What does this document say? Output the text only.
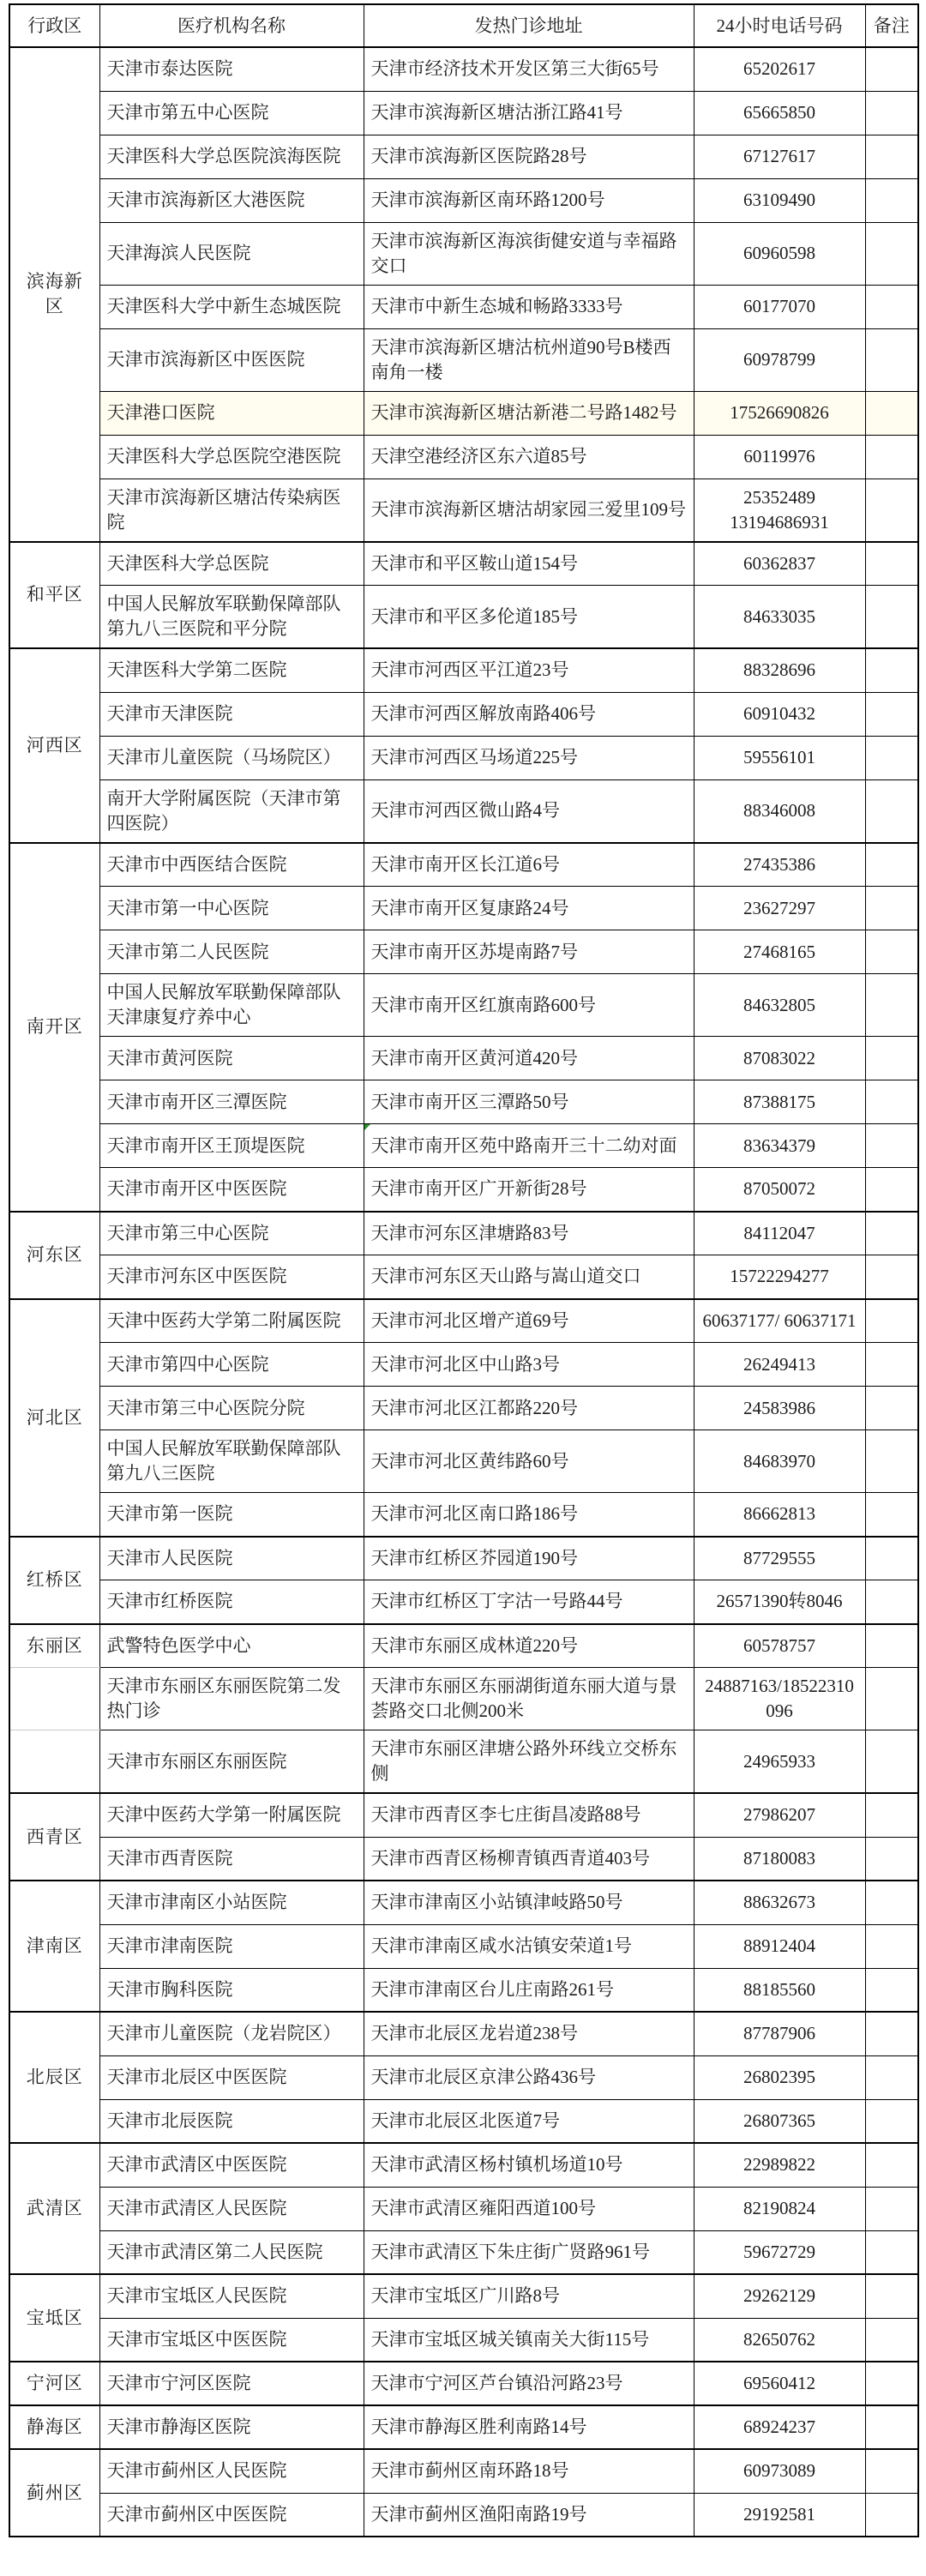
行政区	医疗机构名称	发热门诊地址	24小时电话号码	备注
滨海新区	天津市泰达医院	天津市经济技术开发区第三大街65号	65202617	

	天津市第五中心医院	天津市滨海新区塘沽浙江路41号	65665850	

	天津医科大学总医院滨海医院	天津市滨海新区医院路28号	67127617	

	天津市滨海新区大港医院	天津市滨海新区南环路1200号	63109490	

	天津海滨人民医院	天津市滨海新区海滨街健安道与幸福路交口	60960598	

	天津医科大学中新生态城医院	天津市中新生态城和畅路3333号	60177070	

	天津市滨海新区中医医院	天津市滨海新区塘沽杭州道90号B楼西南角一楼	60978799	

	天津港口医院	天津市滨海新区塘沽新港二号路1482号	17526690826	

	天津医科大学总医院空港医院	天津空港经济区东六道85号	60119976	

	天津市滨海新区塘沽传染病医院	天津市滨海新区塘沽胡家园三爱里109号	25352489
13194686931	

和平区	天津医科大学总医院	天津市和平区鞍山道154号	60362837	

	中国人民解放军联勤保障部队第九八三医院和平分院	天津市和平区多伦道185号	84633035	

河西区	天津医科大学第二医院	天津市河西区平江道23号	88328696	

	天津市天津医院	天津市河西区解放南路406号	60910432	

	天津市儿童医院（马场院区）	天津市河西区马场道225号	59556101	

	南开大学附属医院（天津市第四医院）	天津市河西区微山路4号	88346008	

南开区	天津市中西医结合医院	天津市南开区长江道6号	27435386	

	天津市第一中心医院	天津市南开区复康路24号	23627297	

	天津市第二人民医院	天津市南开区苏堤南路7号	27468165	

	中国人民解放军联勤保障部队天津康复疗养中心	天津市南开区红旗南路600号	84632805	

	天津市黄河医院	天津市南开区黄河道420号	87083022	

	天津市南开区三潭医院	天津市南开区三潭路50号	87388175	

	天津市南开区王顶堤医院	天津市南开区苑中路南开三十二幼对面	83634379	

	天津市南开区中医医院	天津市南开区广开新街28号	87050072	

河东区	天津市第三中心医院	天津市河东区津塘路83号	84112047	

	天津市河东区中医医院	天津市河东区天山路与嵩山道交口	15722294277	

河北区	天津中医药大学第二附属医院	天津市河北区增产道69号	60637177/ 60637171	

	天津市第四中心医院	天津市河北区中山路3号	26249413	

	天津市第三中心医院分院	天津市河北区江都路220号	24583986	

	中国人民解放军联勤保障部队第九八三医院	天津市河北区黄纬路60号	84683970	

	天津市第一医院	天津市河北区南口路186号	86662813	

红桥区	天津市人民医院	天津市红桥区芥园道190号	87729555	

	天津市红桥医院	天津市红桥区丁字沽一号路44号	26571390转8046	

东丽区	武警特色医学中心	天津市东丽区成林道220号	60578757	

	天津市东丽区东丽医院第二发热门诊	天津市东丽区东丽湖街道东丽大道与景荟路交口北侧200米	24887163/18522310096	

	天津市东丽区东丽医院	天津市东丽区津塘公路外环线立交桥东侧	24965933	

西青区	天津中医药大学第一附属医院	天津市西青区李七庄街昌凌路88号	27986207	

	天津市西青医院	天津市西青区杨柳青镇西青道403号	87180083	

津南区	天津市津南区小站医院	天津市津南区小站镇津岐路50号	88632673	

	天津市津南医院	天津市津南区咸水沽镇安荣道1号	88912404	

	天津市胸科医院	天津市津南区台儿庄南路261号	88185560	

北辰区	天津市儿童医院（龙岩院区）	天津市北辰区龙岩道238号	87787906	

	天津市北辰区中医医院	天津市北辰区京津公路436号	26802395	

	天津市北辰医院	天津市北辰区北医道7号	26807365	

武清区	天津市武清区中医医院	天津市武清区杨村镇机场道10号	22989822	

	天津市武清区人民医院	天津市武清区雍阳西道100号	82190824	

	天津市武清区第二人民医院	天津市武清区下朱庄街广贤路961号	59672729	

宝坻区	天津市宝坻区人民医院	天津市宝坻区广川路8号	29262129	

	天津市宝坻区中医医院	天津市宝坻区城关镇南关大街115号	82650762	

宁河区	天津市宁河区医院	天津市宁河区芦台镇沿河路23号	69560412	

静海区	天津市静海区医院	天津市静海区胜利南路14号	68924237	

蓟州区	天津市蓟州区人民医院	天津市蓟州区南环路18号	60973089	

	天津市蓟州区中医医院	天津市蓟州区渔阳南路19号	29192581	
